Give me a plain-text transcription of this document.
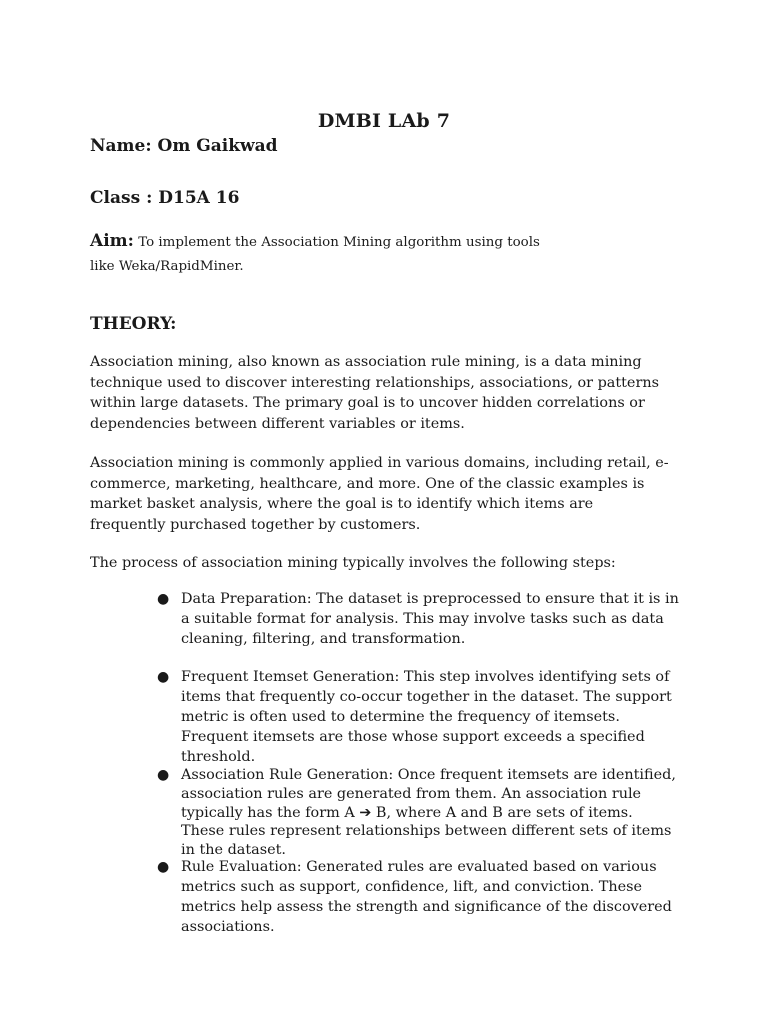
DMBI LAb 7
Name: Om Gaikwad
Class : D15A 16
Aim: To implement the Association Mining algorithm using tools like Weka/RapidMiner.
THEORY:

Association mining, also known as association rule mining, is a data mining technique used to discover interesting relationships, associations, or patterns within large datasets. The primary goal is to uncover hidden correlations or dependencies between different variables or items.

Association mining is commonly applied in various domains, including retail, e-commerce, marketing, healthcare, and more. One of the classic examples is market basket analysis, where the goal is to identify which items are frequently purchased together by customers.

The process of association mining typically involves the following steps:

● Data Preparation: The dataset is preprocessed to ensure that it is in a suitable format for analysis. This may involve tasks such as data cleaning, filtering, and transformation.
● Frequent Itemset Generation: This step involves identifying sets of items that frequently co-occur together in the dataset. The support metric is often used to determine the frequency of itemsets. Frequent itemsets are those whose support exceeds a specified threshold.
● Association Rule Generation: Once frequent itemsets are identified, association rules are generated from them. An association rule typically has the form A ➔ B, where A and B are sets of items. These rules represent relationships between different sets of items in the dataset.
● Rule Evaluation: Generated rules are evaluated based on various metrics such as support, confidence, lift, and conviction. These metrics help assess the strength and significance of the discovered associations.
